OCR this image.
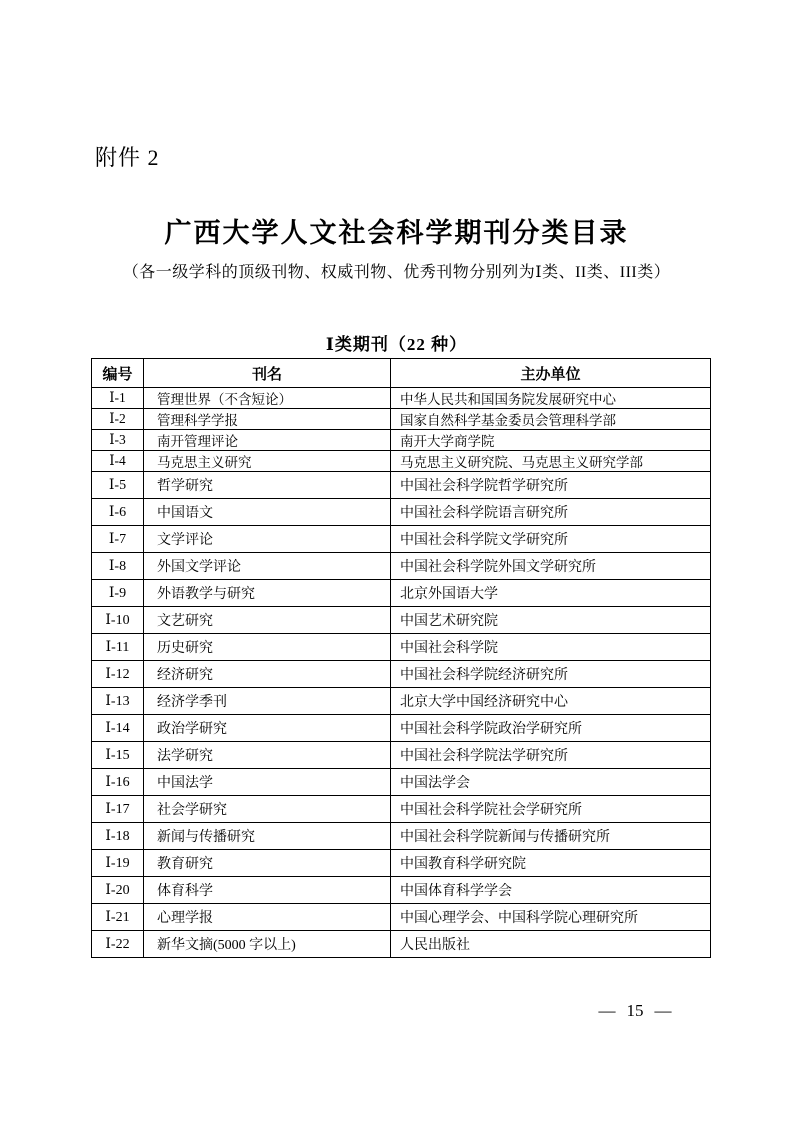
附件 2
广西大学人文社会科学期刊分类目录
（各一级学科的顶级刊物、权威刊物、优秀刊物分别列为Ⅰ类、II类、III类）
Ⅰ类期刊（22 种）
编号	刊名	主办单位
Ⅰ-1	管理世界（不含短论）	中华人民共和国国务院发展研究中心
Ⅰ-2	管理科学学报	国家自然科学基金委员会管理科学部
Ⅰ-3	南开管理评论	南开大学商学院
Ⅰ-4	马克思主义研究	马克思主义研究院、马克思主义研究学部
Ⅰ-5	哲学研究	中国社会科学院哲学研究所
Ⅰ-6	中国语文	中国社会科学院语言研究所
Ⅰ-7	文学评论	中国社会科学院文学研究所
Ⅰ-8	外国文学评论	中国社会科学院外国文学研究所
Ⅰ-9	外语教学与研究	北京外国语大学
Ⅰ-10	文艺研究	中国艺术研究院
Ⅰ-11	历史研究	中国社会科学院
Ⅰ-12	经济研究	中国社会科学院经济研究所
Ⅰ-13	经济学季刊	北京大学中国经济研究中心
Ⅰ-14	政治学研究	中国社会科学院政治学研究所
Ⅰ-15	法学研究	中国社会科学院法学研究所
Ⅰ-16	中国法学	中国法学会
Ⅰ-17	社会学研究	中国社会科学院社会学研究所
Ⅰ-18	新闻与传播研究	中国社会科学院新闻与传播研究所
Ⅰ-19	教育研究	中国教育科学研究院
Ⅰ-20	体育科学	中国体育科学学会
Ⅰ-21	心理学报	中国心理学会、中国科学院心理研究所
Ⅰ-22	新华文摘(5000 字以上)	人民出版社
— 15 —
